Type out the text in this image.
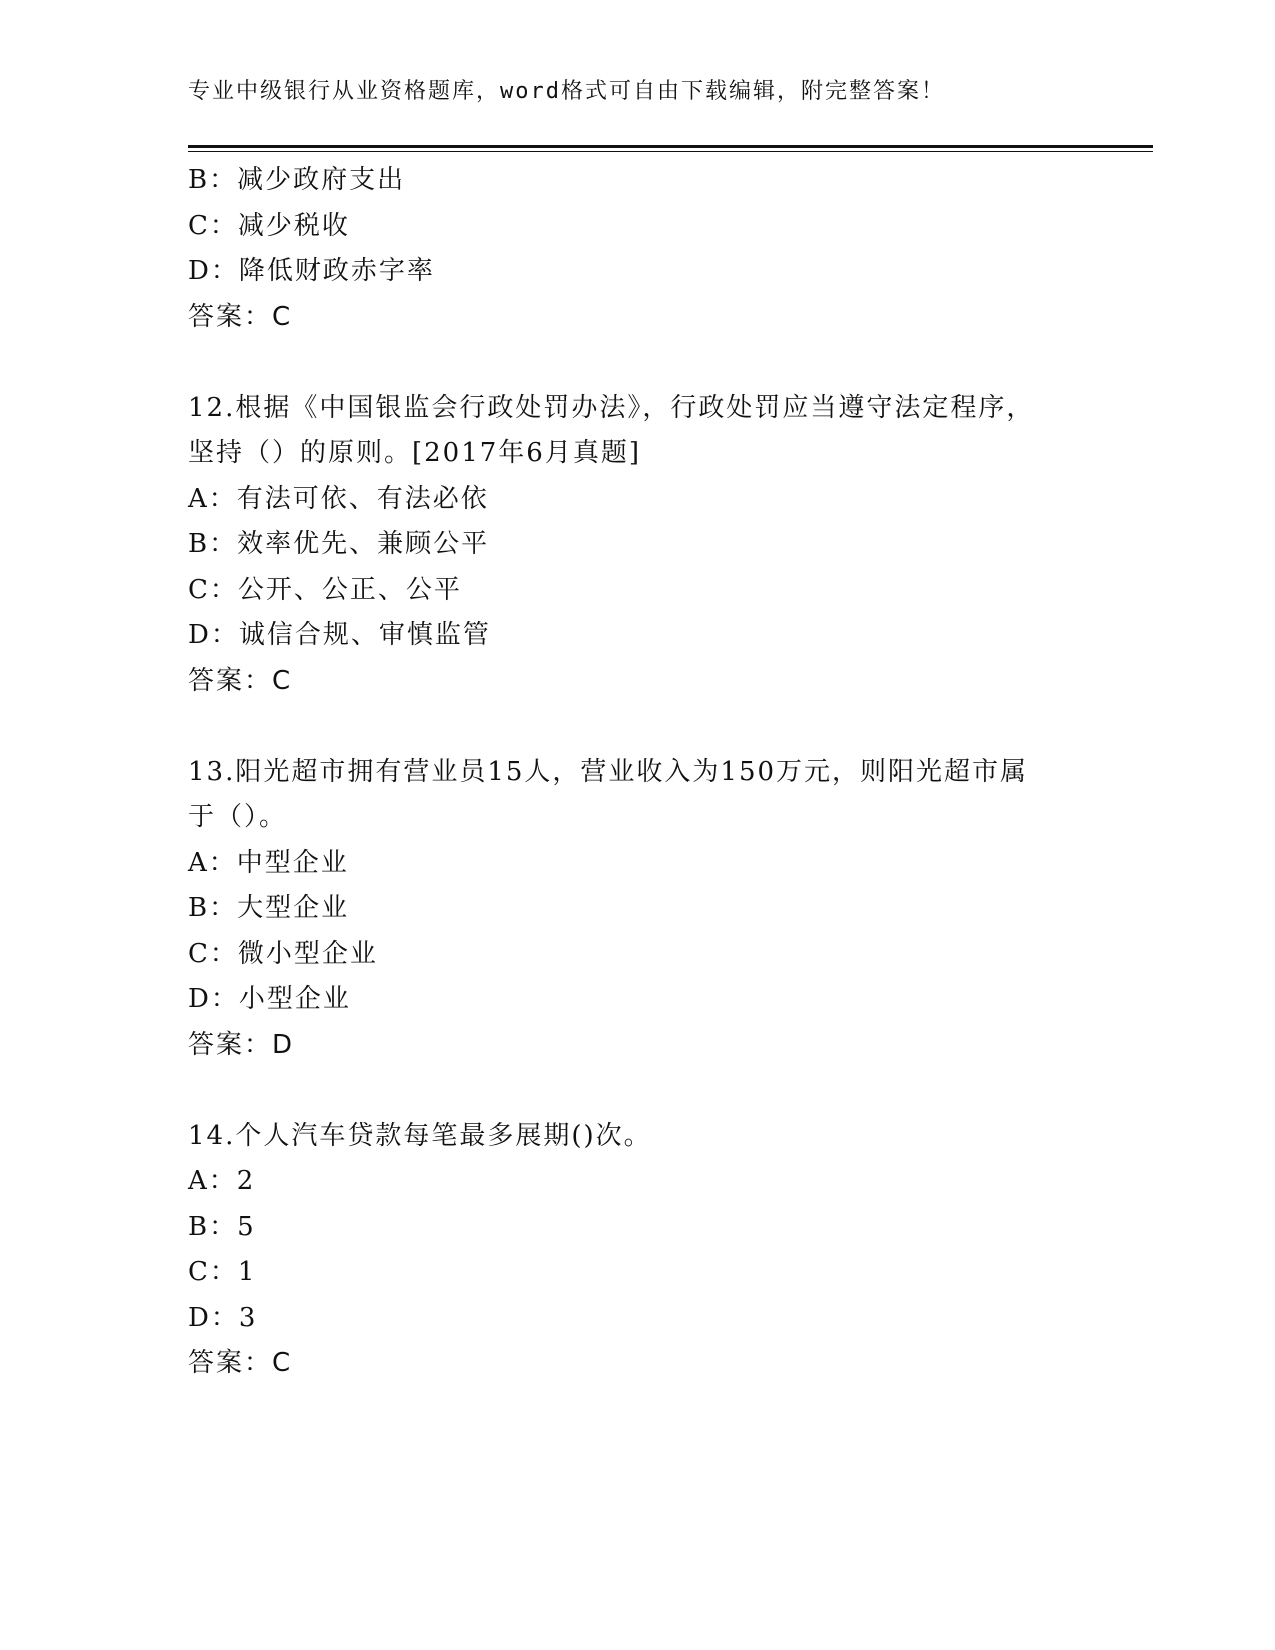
专业中级银行从业资格题库，word格式可自由下载编辑，附完整答案！
B：减少政府支出
C：减少税收
D：降低财政赤字率
答案：C
12.根据《中国银监会行政处罚办法》，行政处罚应当遵守法定程序，
坚持（）的原则。[2017年6月真题]
A：有法可依、有法必依
B：效率优先、兼顾公平
C：公开、公正、公平
D：诚信合规、审慎监管
答案：C
13.阳光超市拥有营业员15人，营业收入为150万元，则阳光超市属
于（）。
A：中型企业
B：大型企业
C：微小型企业
D：小型企业
答案：D
14.个人汽车贷款每笔最多展期()次。
A：2
B：5
C：1
D：3
答案：C
